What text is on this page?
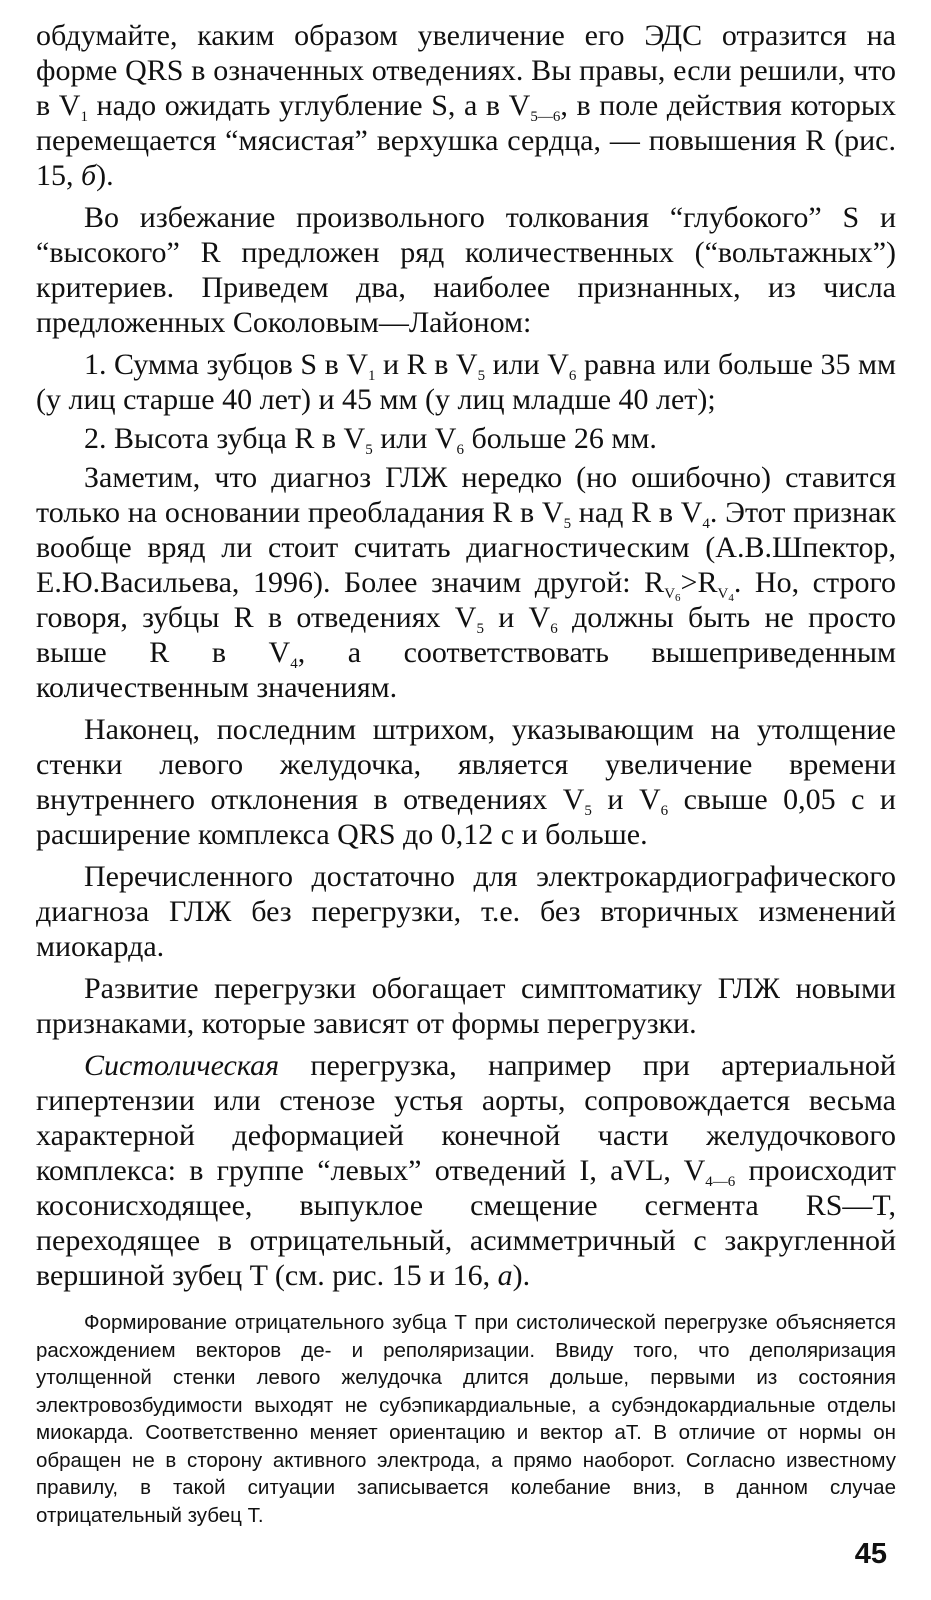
обдумайте, каким образом увеличение его ЭДС отразится на форме QRS в означенных отведениях. Вы правы, если решили, что в $V_1$ надо ожидать углубление S, а в $V_{5—6}$, в поле действия которых перемещается “мясистая” верхушка сердца, — повышения R (рис. 15, б).

Во избежание произвольного толкования “глубокого” S и “высокого” R предложен ряд количественных (“вольтажных”) критериев. Приведем два, наиболее признанных, из числа предложенных Соколовым—Лайоном:

1. Сумма зубцов S в $V_1$ и R в $V_5$ или $V_6$ равна или больше 35 мм (у лиц старше 40 лет) и 45 мм (у лиц младше 40 лет);

2. Высота зубца R в $V_5$ или $V_6$ больше 26 мм.

Заметим, что диагноз ГЛЖ нередко (но ошибочно) ставится только на основании преобладания R в $V_5$ над R в $V_4$. Этот признак вообще вряд ли стоит считать диагностическим (А.В.Шпектор, Е.Ю.Васильева, 1996). Более значим другой: $R_{V_6}>R_{V_4}$. Но, строго говоря, зубцы R в отведениях $V_5$ и $V_6$ должны быть не просто выше R в $V_4$, а соответствовать вышеприведенным количественным значениям.

Наконец, последним штрихом, указывающим на утолщение стенки левого желудочка, является увеличение времени внутреннего отклонения в отведениях $V_5$ и $V_6$ свыше 0,05 с и расширение комплекса QRS до 0,12 с и больше.

Перечисленного достаточно для электрокардиографического диагноза ГЛЖ без перегрузки, т.е. без вторичных изменений миокарда.

Развитие перегрузки обогащает симптоматику ГЛЖ новыми признаками, которые зависят от формы перегрузки.

Систолическая перегрузка, например при артериальной гипертензии или стенозе устья аорты, сопровождается весьма характерной деформацией конечной части желудочкового комплекса: в группе “левых” отведений I, aVL, $V_{4—6}$ происходит косонисходящее, выпуклое смещение сегмента RS—T, переходящее в отрицательный, асимметричный с закругленной вершиной зубец T (см. рис. 15 и 16, а).

Формирование отрицательного зубца T при систолической перегрузке объясняется расхождением векторов де- и реполяризации. Ввиду того, что деполяризация утолщенной стенки левого желудочка длится дольше, первыми из состояния электровозбудимости выходят не субэпикардиальные, а субэндокардиальные отделы миокарда. Соответственно меняет ориентацию и вектор aT. В отличие от нормы он обращен не в сторону активного электрода, а прямо наоборот. Согласно известному правилу, в такой ситуации записывается колебание вниз, в данном случае отрицательный зубец T.

45
